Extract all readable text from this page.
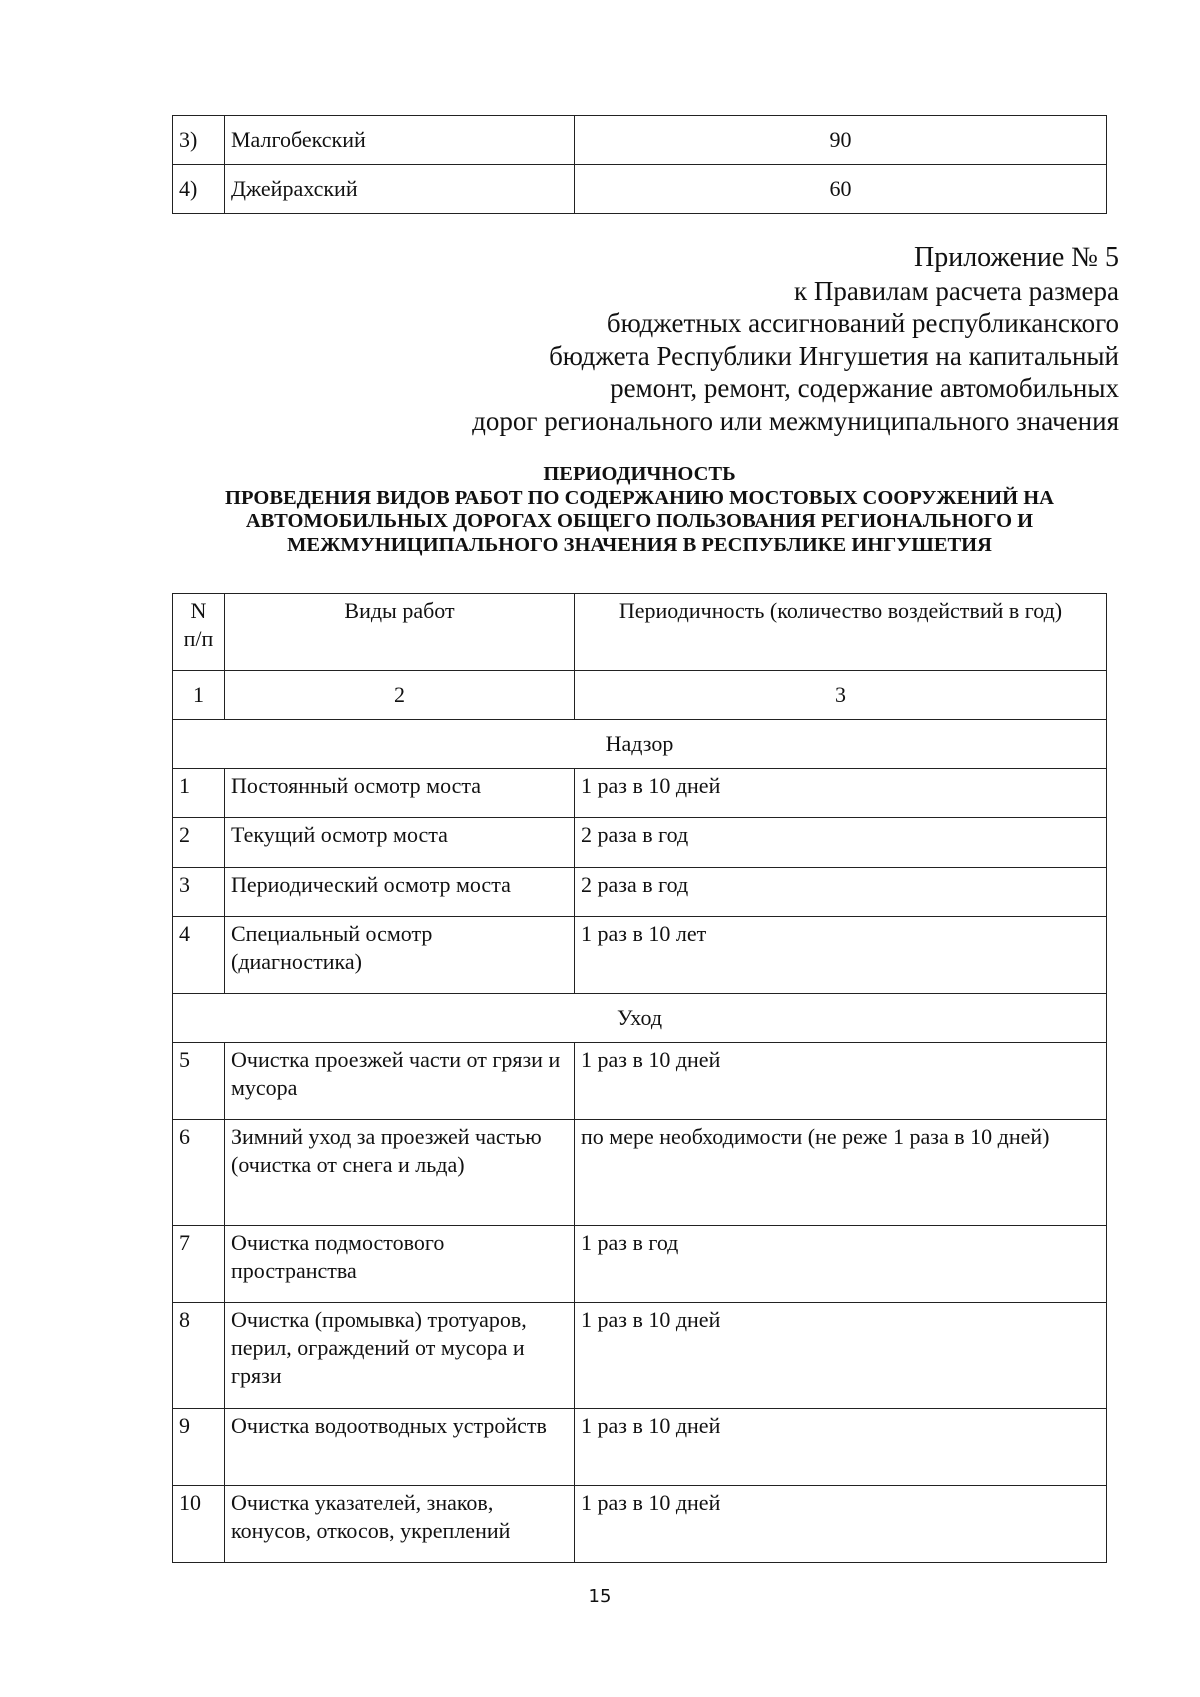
3)	Малгобекский	90
4)	Джейрахский	60
Приложение № 5
к Правилам расчета размера
бюджетных ассигнований республиканского
бюджета Республики Ингушетия на капитальный
ремонт, ремонт, содержание автомобильных
дорог регионального или межмуниципального значения
ПЕРИОДИЧНОСТЬ
ПРОВЕДЕНИЯ ВИДОВ РАБОТ ПО СОДЕРЖАНИЮ МОСТОВЫХ СООРУЖЕНИЙ НА
АВТОМОБИЛЬНЫХ ДОРОГАХ ОБЩЕГО ПОЛЬЗОВАНИЯ РЕГИОНАЛЬНОГО И
МЕЖМУНИЦИПАЛЬНОГО ЗНАЧЕНИЯ В РЕСПУБЛИКЕ ИНГУШЕТИЯ
N п/п	Виды работ	Периодичность (количество воздействий в год)
1	2	3
Надзор		
1	Постоянный осмотр моста	1 раз в 10 дней
2	Текущий осмотр моста	2 раза в год
3	Периодический осмотр моста	2 раза в год
4	Специальный осмотр (диагностика)	1 раз в 10 лет
Уход		
5	Очистка проезжей части от грязи и мусора	1 раз в 10 дней
6	Зимний уход за проезжей частью (очистка от снега и льда)	по мере необходимости (не реже 1 раза в 10 дней)
7	Очистка подмостового пространства	1 раз в год
8	Очистка (промывка) тротуаров, перил, ограждений от мусора и грязи	1 раз в 10 дней
9	Очистка водоотводных устройств	1 раз в 10 дней
10	Очистка указателей, знаков, конусов, откосов, укреплений	1 раз в 10 дней
15
